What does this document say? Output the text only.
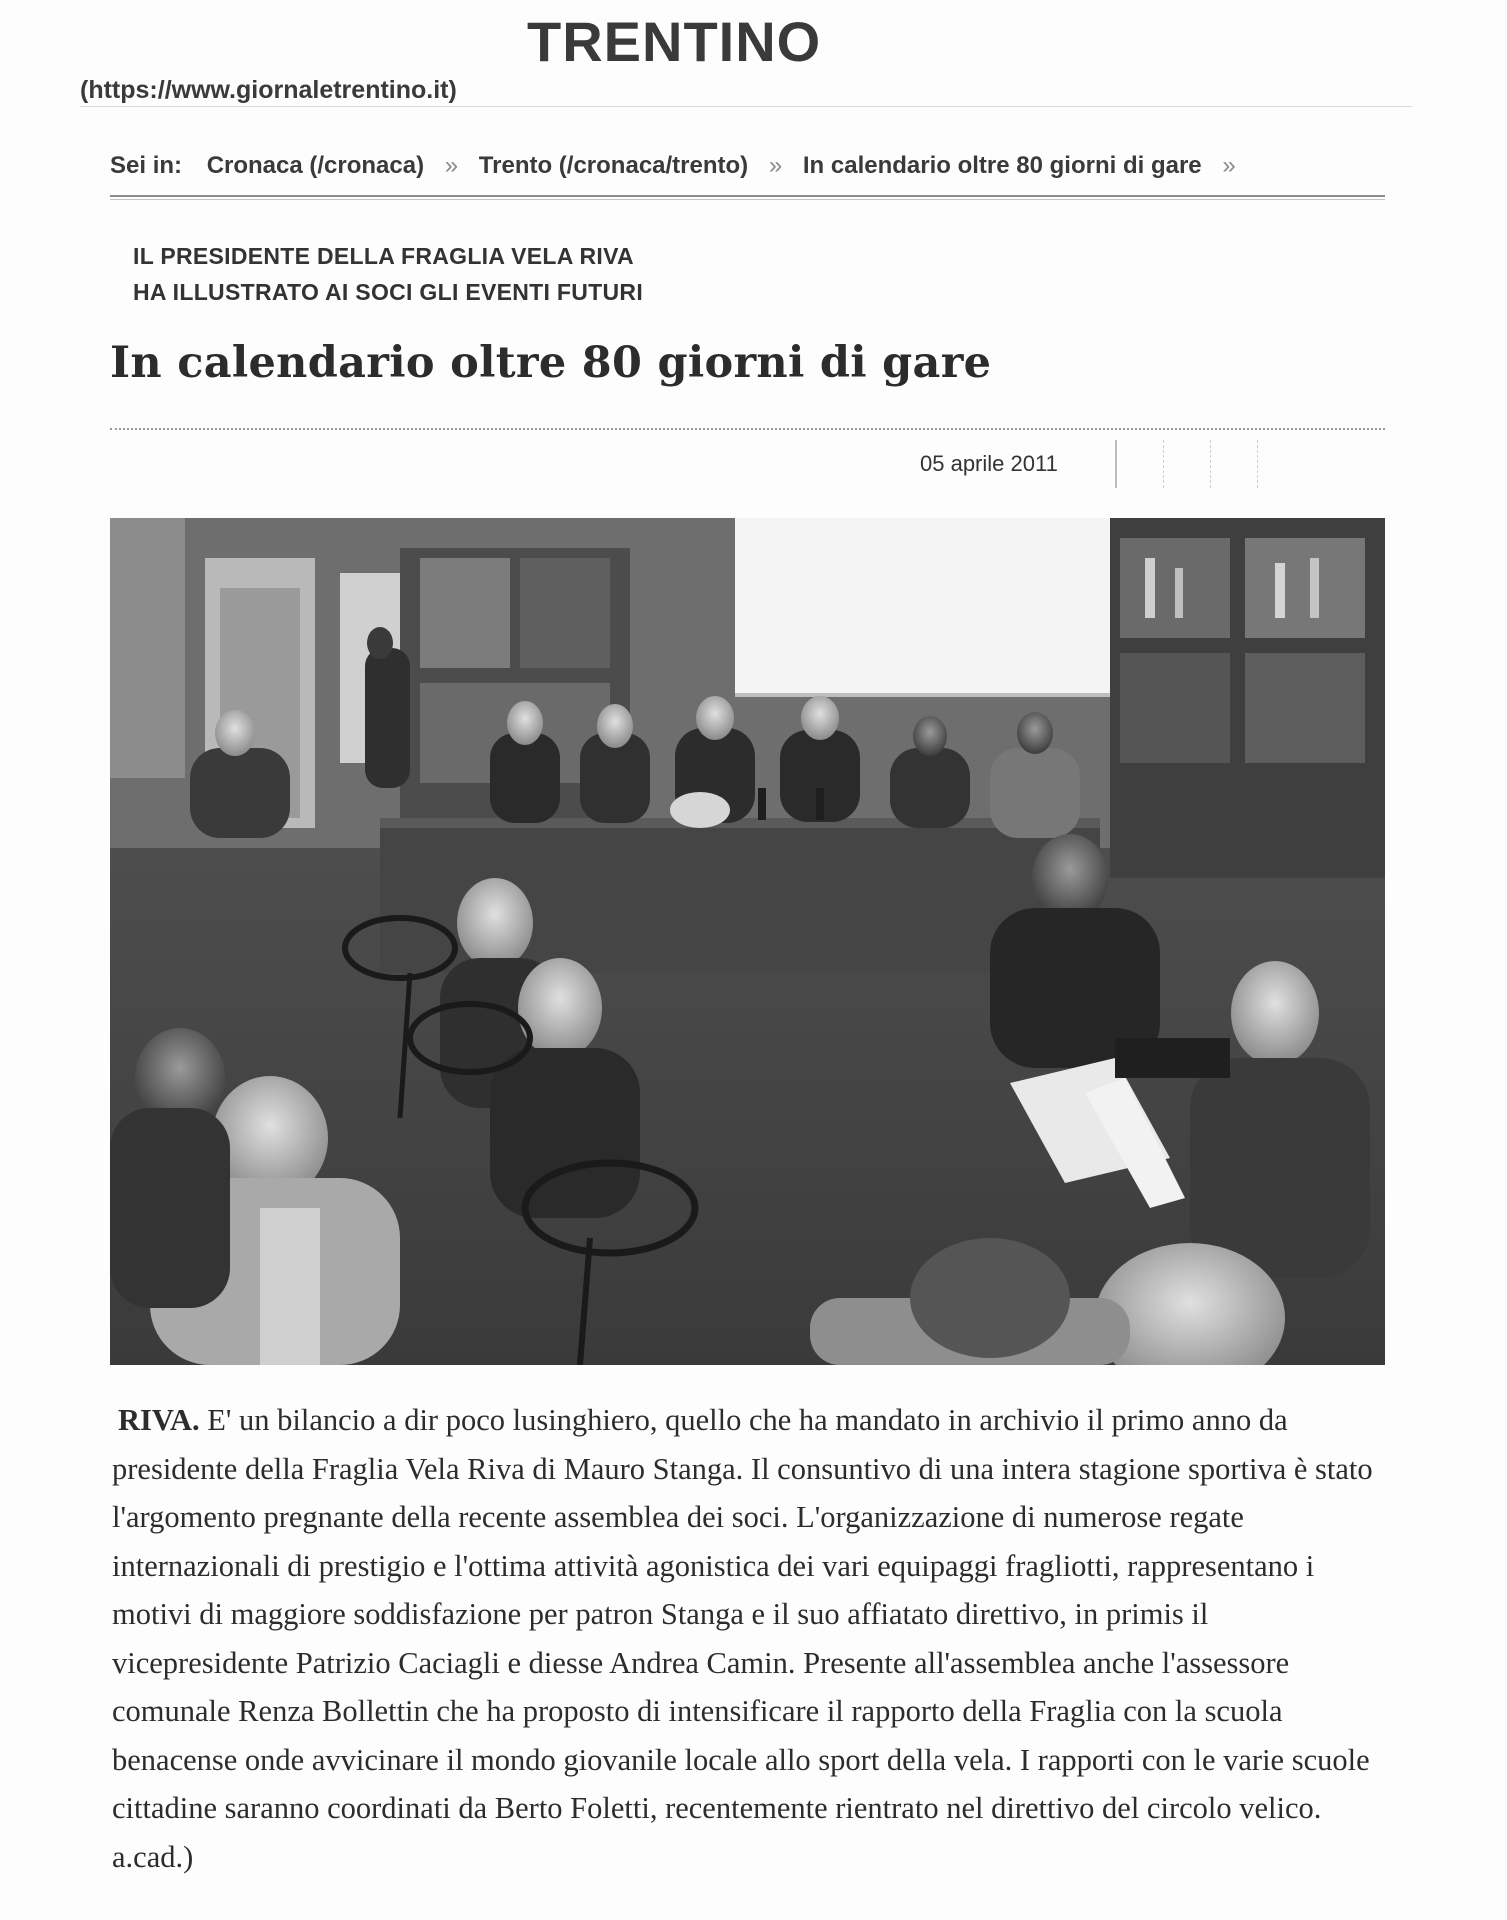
TRENTINO
(https://www.giornaletrentino.it)
Sei in: Cronaca (/cronaca) » Trento (/cronaca/trento) » In calendario oltre 80 giorni di gare »
IL PRESIDENTE DELLA FRAGLIA VELA RIVA
HA ILLUSTRATO AI SOCI GLI EVENTI FUTURI
In calendario oltre 80 giorni di gare
05 aprile 2011

RIVA. E' un bilancio a dir poco lusinghiero, quello che ha mandato in archivio il primo anno da presidente della Fraglia Vela Riva di Mauro Stanga. Il consuntivo di una intera stagione sportiva è stato l'argomento pregnante della recente assemblea dei soci. L'organizzazione di numerose regate internazionali di prestigio e l'ottima attività agonistica dei vari equipaggi fragliotti, rappresentano i motivi di maggiore soddisfazione per patron Stanga e il suo affiatato direttivo, in primis il vicepresidente Patrizio Caciagli e diesse Andrea Camin. Presente all'assemblea anche l'assessore comunale Renza Bollettin che ha proposto di intensificare il rapporto della Fraglia con la scuola benacense onde avvicinare il mondo giovanile locale allo sport della vela. I rapporti con le varie scuole cittadine saranno coordinati da Berto Foletti, recentemente rientrato nel direttivo del circolo velico. a.cad.)
